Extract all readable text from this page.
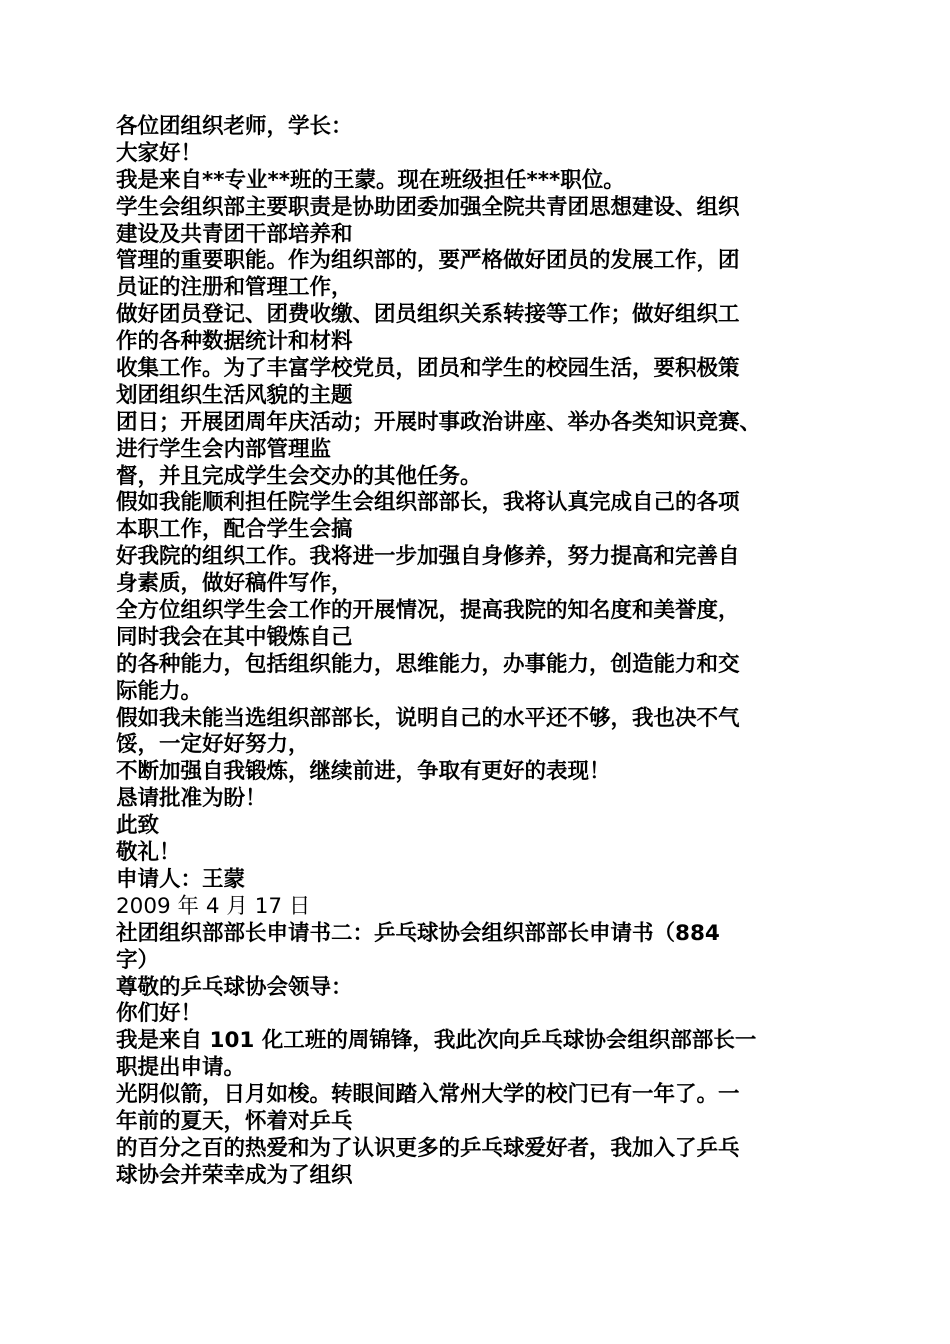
各位团组织老师，学长：
大家好！
我是来自**专业**班的王蒙。现在班级担任***职位。
学生会组织部主要职责是协助团委加强全院共青团思想建设、组织
建设及共青团干部培养和
管理的重要职能。作为组织部的，要严格做好团员的发展工作，团
员证的注册和管理工作，
做好团员登记、团费收缴、团员组织关系转接等工作；做好组织工
作的各种数据统计和材料
收集工作。为了丰富学校党员，团员和学生的校园生活，要积极策
划团组织生活风貌的主题
团日；开展团周年庆活动；开展时事政治讲座、举办各类知识竞赛、
进行学生会内部管理监
督，并且完成学生会交办的其他任务。
假如我能顺利担任院学生会组织部部长，我将认真完成自己的各项
本职工作，配合学生会搞
好我院的组织工作。我将进一步加强自身修养，努力提高和完善自
身素质，做好稿件写作，
全方位组织学生会工作的开展情况，提高我院的知名度和美誉度，
同时我会在其中锻炼自己
的各种能力，包括组织能力，思维能力，办事能力，创造能力和交
际能力。
假如我未能当选组织部部长，说明自己的水平还不够，我也决不气
馁，一定好好努力，
不断加强自我锻炼，继续前进，争取有更好的表现！
恳请批准为盼！
此致
敬礼！
申请人：王蒙
2009 年 4 月 17 日
社团组织部部长申请书二：乒乓球协会组织部部长申请书（884
字）
尊敬的乒乓球协会领导：
你们好！
我是来自 101 化工班的周锦锋，我此次向乒乓球协会组织部部长一
职提出申请。
光阴似箭，日月如梭。转眼间踏入常州大学的校门已有一年了。一
年前的夏天，怀着对乒乓
的百分之百的热爱和为了认识更多的乒乓球爱好者，我加入了乒乓
球协会并荣幸成为了组织
